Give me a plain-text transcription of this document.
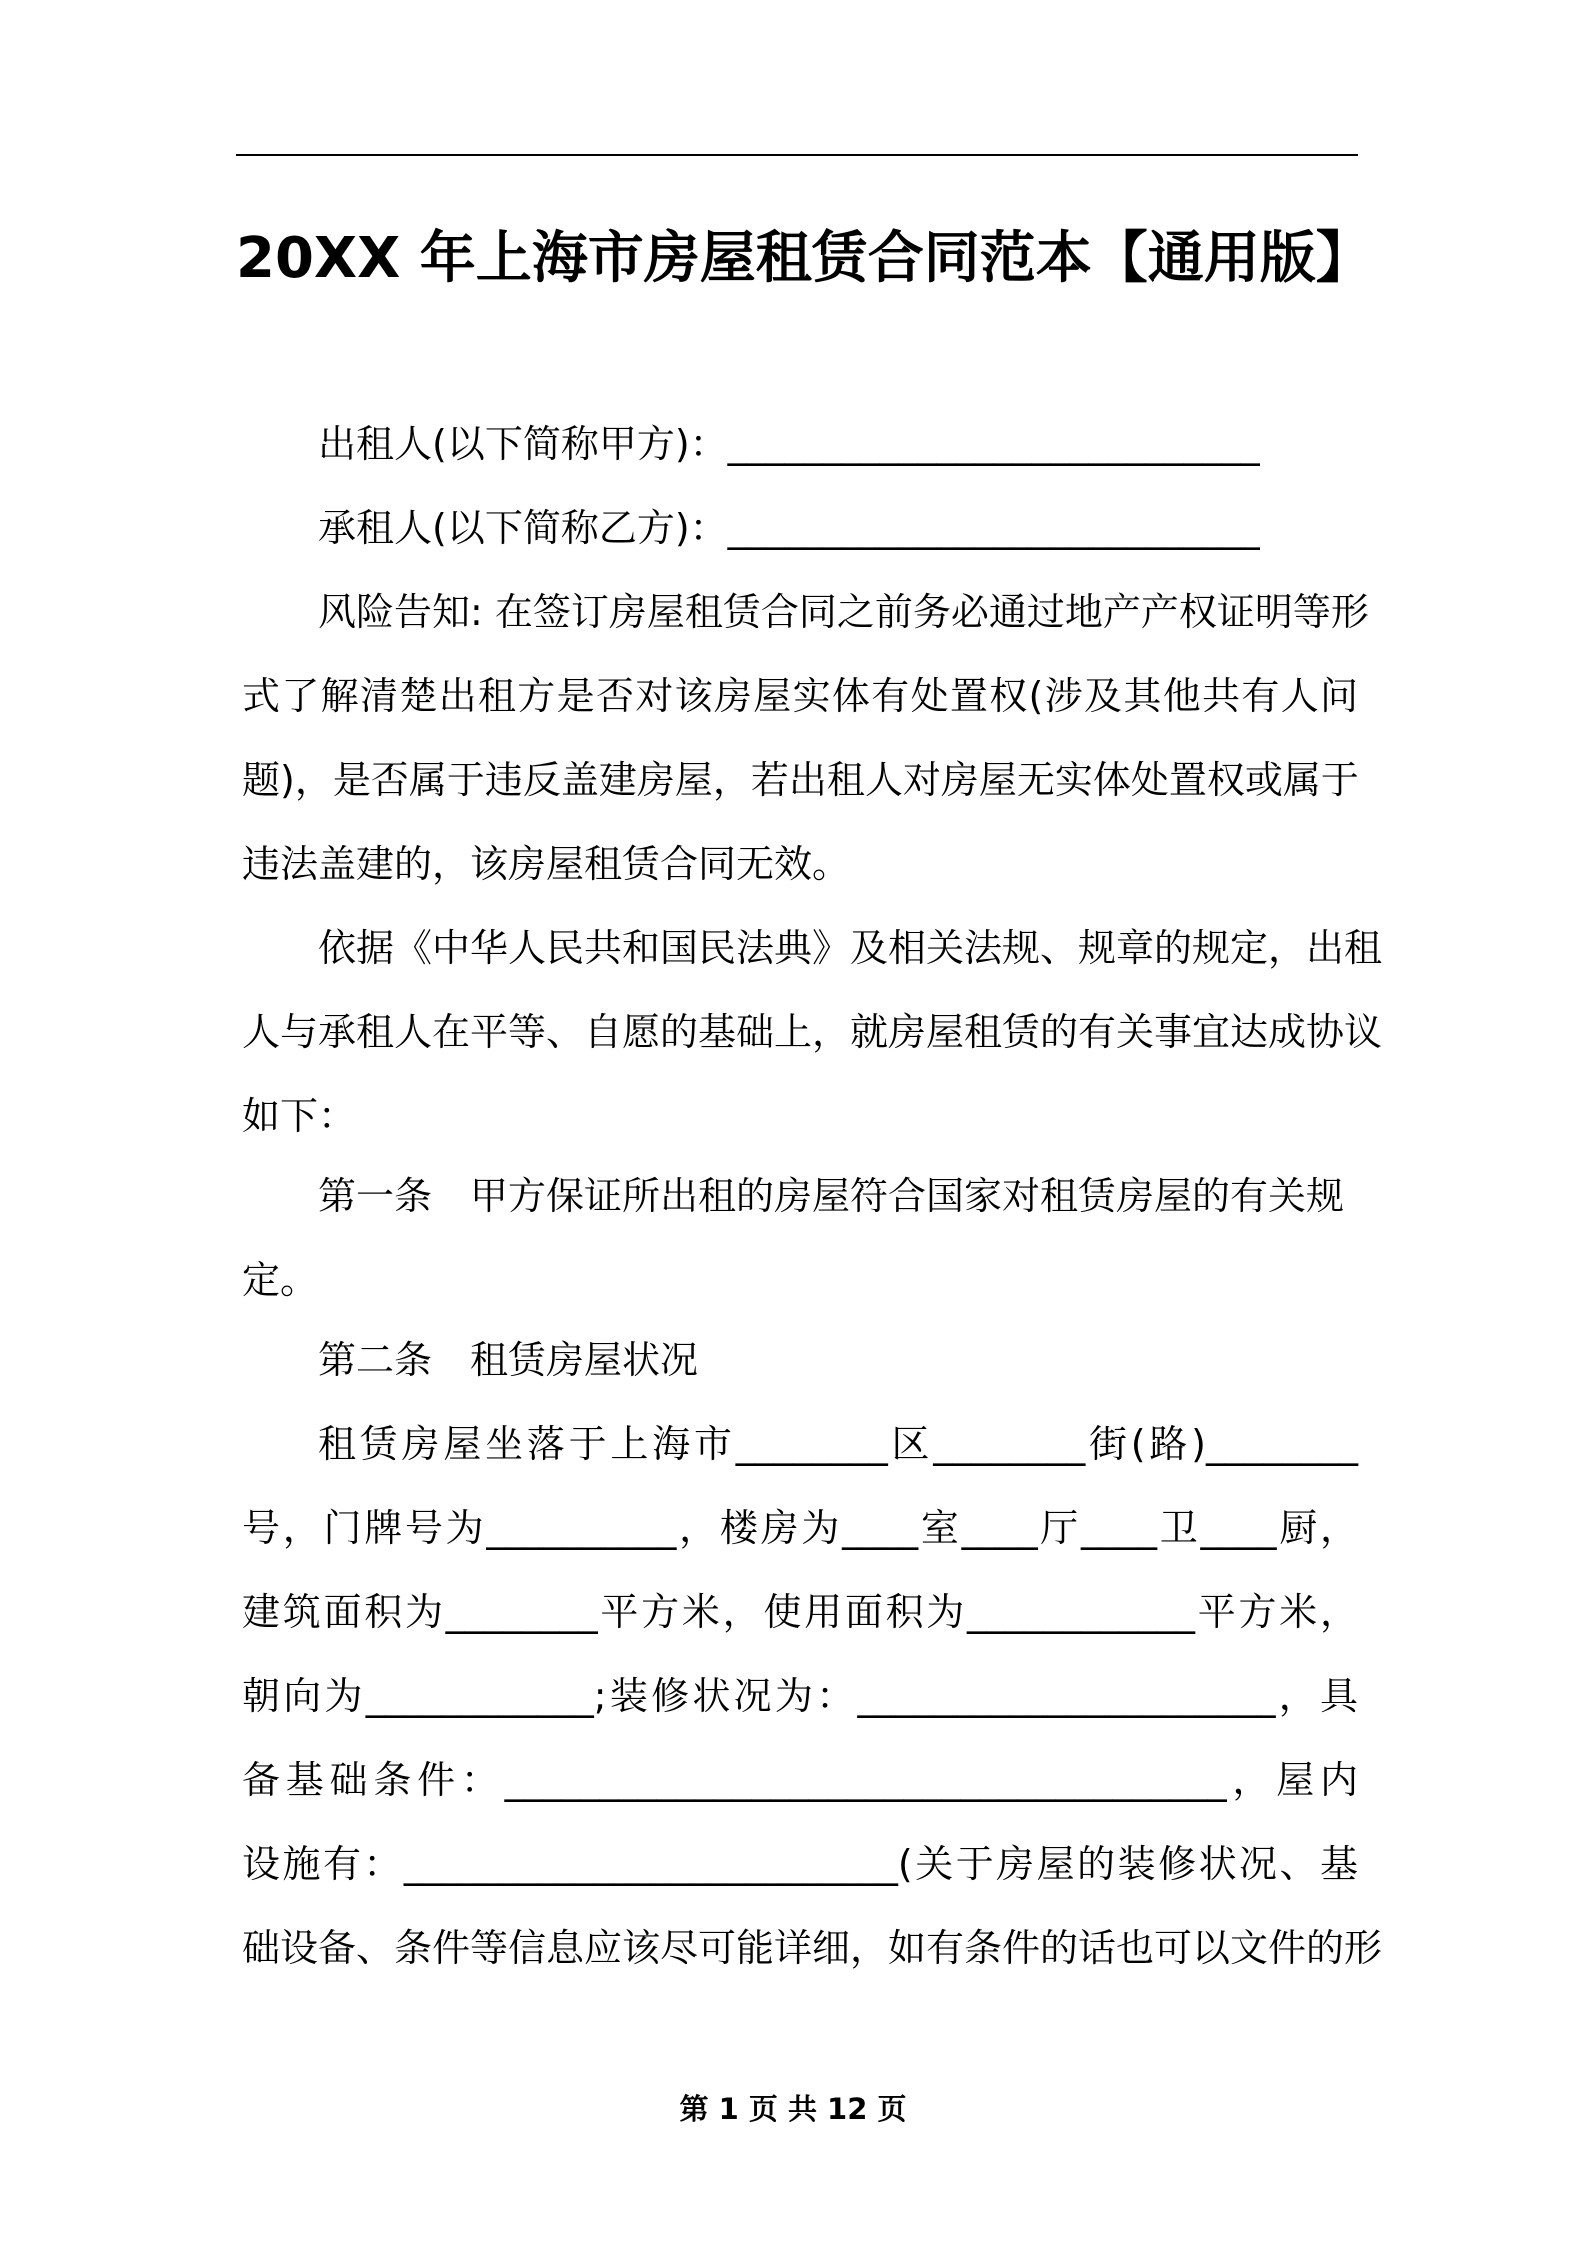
20XX 年上海市房屋租赁合同范本【通用版】
出租人(以下简称甲方)：____________________________
承租人(以下简称乙方)：____________________________
风险告知: 在签订房屋租赁合同之前务必通过地产产权证明等形
式了解清楚出租方是否对该房屋实体有处置权(涉及其他共有人问
题)，是否属于违反盖建房屋，若出租人对房屋无实体处置权或属于
违法盖建的，该房屋租赁合同无效。
依据《中华人民共和国民法典》及相关法规、规章的规定，出租
人与承租人在平等、自愿的基础上，就房屋租赁的有关事宜达成协议
如下：
第一条　甲方保证所出租的房屋符合国家对租赁房屋的有关规
定。
第二条　租赁房屋状况
租赁房屋坐落于上海市________区________街(路)________
号，门牌号为__________，楼房为____室____厅____卫____厨，
建筑面积为________平方米，使用面积为____________平方米，
朝向为____________;装修状况为：______________________，具
备基础条件：______________________________________，屋内
设施有：__________________________(关于房屋的装修状况、基
础设备、条件等信息应该尽可能详细，如有条件的话也可以文件的形
第 1 页 共 12 页
